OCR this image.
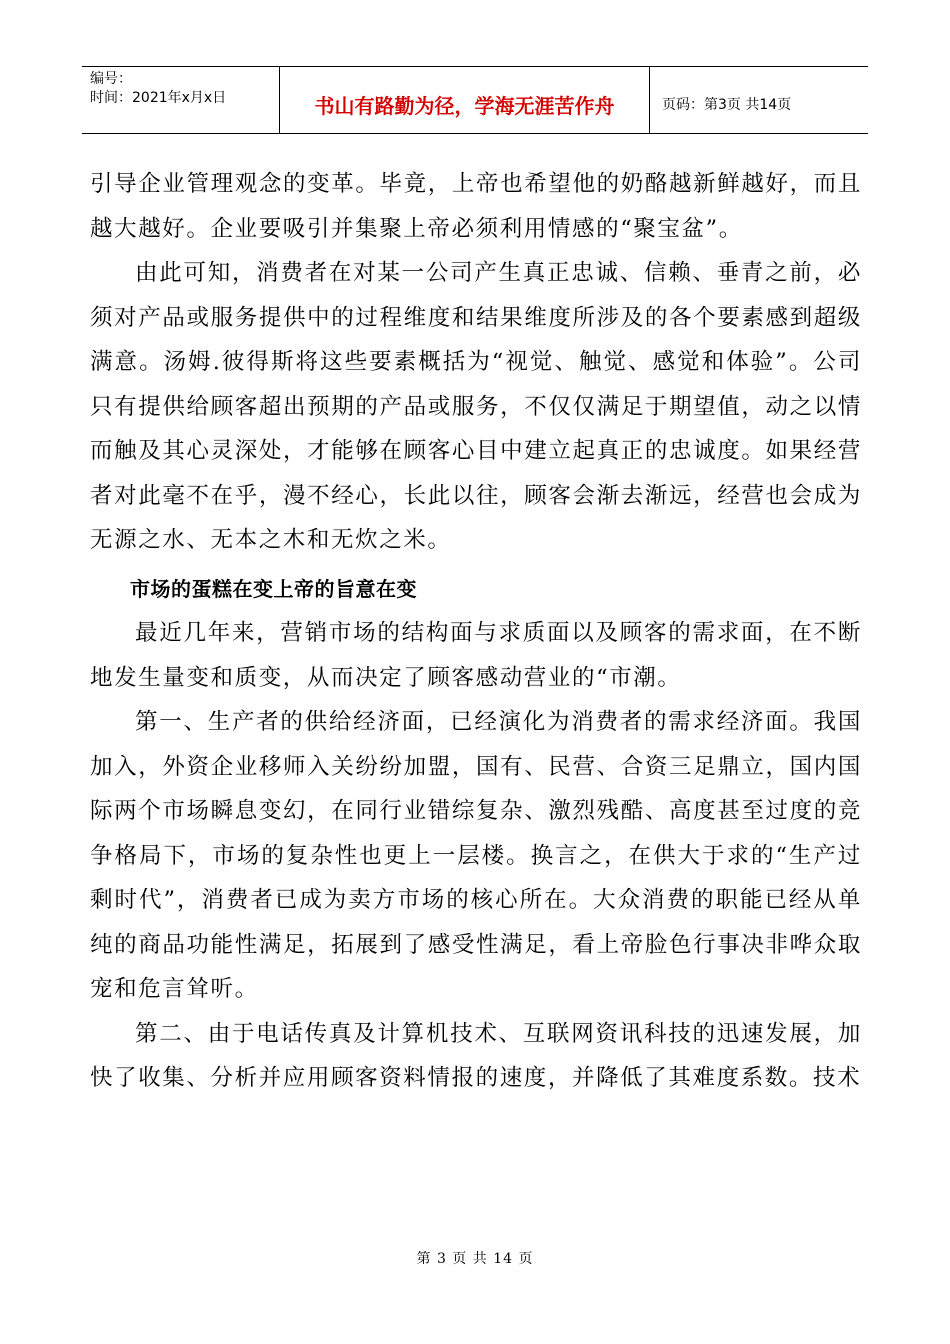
编号：
时间：2021年x月x日	书山有路勤为径，学海无涯苦作舟	页码：第3页 共14页

引导企业管理观念的变革。毕竟，上帝也希望他的奶酪越新鲜越好，而且越大越好。企业要吸引并集聚上帝必须利用情感的“聚宝盆”。

由此可知，消费者在对某一公司产生真正忠诚、信赖、垂青之前，必须对产品或服务提供中的过程维度和结果维度所涉及的各个要素感到超级满意。汤姆.彼得斯将这些要素概括为“视觉、触觉、感觉和体验”。公司只有提供给顾客超出预期的产品或服务，不仅仅满足于期望值，动之以情而触及其心灵深处，才能够在顾客心目中建立起真正的忠诚度。如果经营者对此毫不在乎，漫不经心，长此以往，顾客会渐去渐远，经营也会成为无源之水、无本之木和无炊之米。

市场的蛋糕在变上帝的旨意在变

最近几年来，营销市场的结构面与求质面以及顾客的需求面，在不断地发生量变和质变，从而决定了顾客感动营业的“市潮。

第一、生产者的供给经济面，已经演化为消费者的需求经济面。我国加入，外资企业移师入关纷纷加盟，国有、民营、合资三足鼎立，国内国际两个市场瞬息变幻，在同行业错综复杂、激烈残酷、高度甚至过度的竞争格局下，市场的复杂性也更上一层楼。换言之，在供大于求的“生产过剩时代”，消费者已成为卖方市场的核心所在。大众消费的职能已经从单纯的商品功能性满足，拓展到了感受性满足，看上帝脸色行事决非哗众取宠和危言耸听。

第二、由于电话传真及计算机技术、互联网资讯科技的迅速发展，加快了收集、分析并应用顾客资料情报的速度，并降低了其难度系数。技术

第 3 页 共 14 页
